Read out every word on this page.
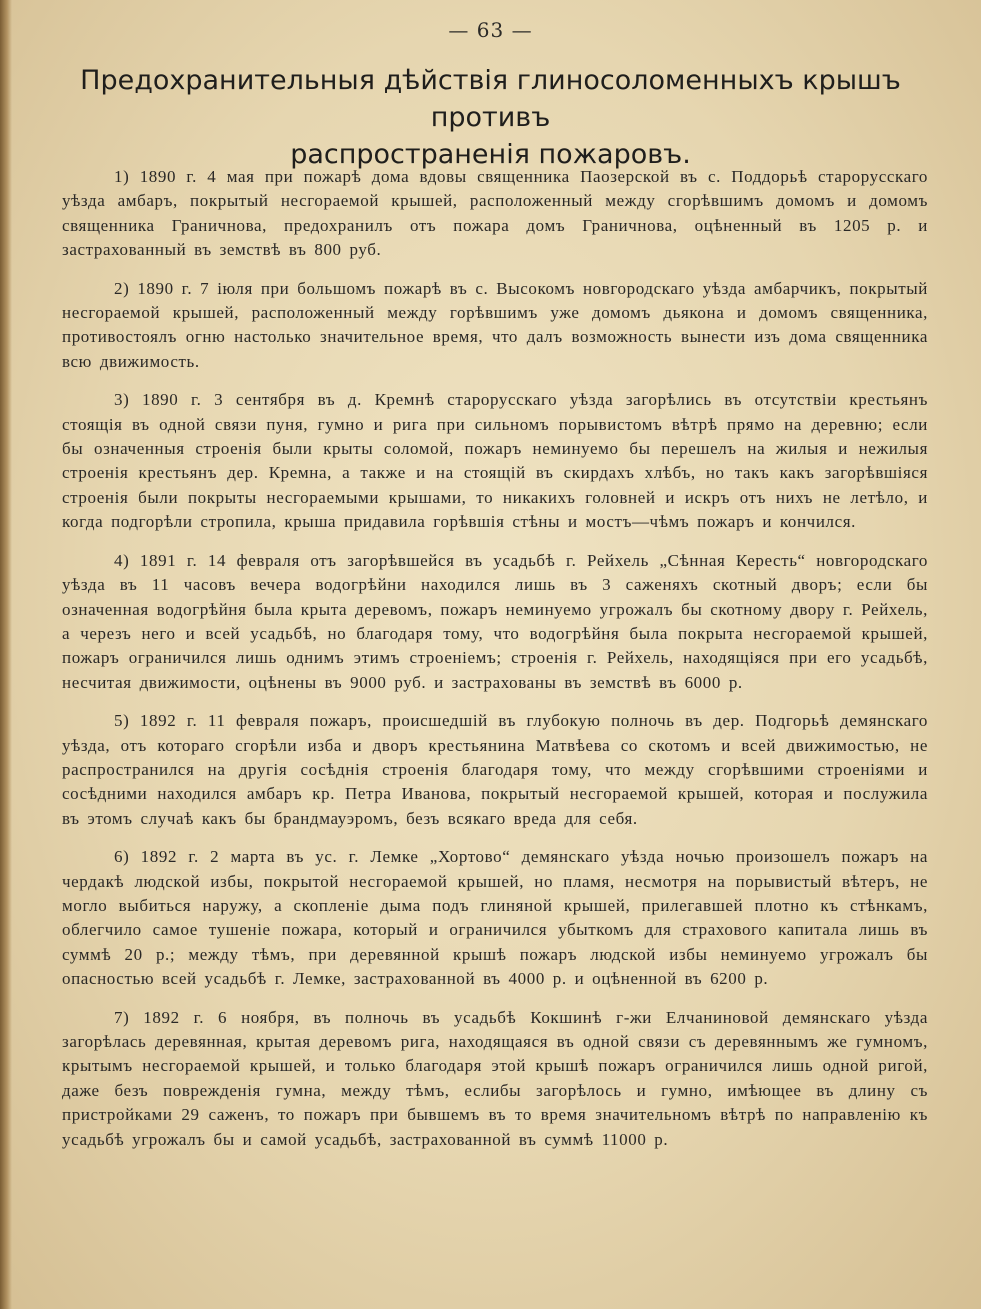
— 63 —
Предохранительныя дѣйствія глиносоломенныхъ крышъ противъ
распространенія пожаровъ.

1) 1890 г. 4 мая при пожарѣ дома вдовы священника Паозерской въ с. Поддорьѣ старорусскаго уѣзда амбаръ, покрытый несгораемой крышей, расположенный между сгорѣвшимъ домомъ и домомъ священника Граничнова, предохранилъ отъ пожара домъ Граничнова, оцѣненный въ 1205 р. и застрахованный въ земствѣ въ 800 руб.

2) 1890 г. 7 іюля при большомъ пожарѣ въ с. Высокомъ новгородскаго уѣзда амбарчикъ, покрытый несгораемой крышей, расположенный между горѣвшимъ уже домомъ дьякона и домомъ священника, противостоялъ огню настолько значительное время, что далъ возможность вынести изъ дома священника всю движимость.

3) 1890 г. 3 сентября въ д. Кремнѣ старорусскаго уѣзда загорѣлись въ отсутствіи крестьянъ стоящія въ одной связи пуня, гумно и рига при сильномъ порывистомъ вѣтрѣ прямо на деревню; если бы означенныя строенія были крыты соломой, пожаръ неминуемо бы перешелъ на жилыя и нежилыя строенія крестьянъ дер. Кремна, а также и на стоящій въ скирдахъ хлѣбъ, но такъ какъ загорѣвшіяся строенія были покрыты несгораемыми крышами, то никакихъ головней и искръ отъ нихъ не летѣло, и когда подгорѣли стропила, крыша придавила горѣвшія стѣны и мостъ—чѣмъ пожаръ и кончился.

4) 1891 г. 14 февраля отъ загорѣвшейся въ усадьбѣ г. Рейхель „Сѣнная Кересть“ новгородскаго уѣзда въ 11 часовъ вечера водогрѣйни находился лишь въ 3 саженяхъ скотный дворъ; если бы означенная водогрѣйня была крыта деревомъ, пожаръ неминуемо угрожалъ бы скотному двору г. Рейхель, а черезъ него и всей усадьбѣ, но благодаря тому, что водогрѣйня была покрыта несгораемой крышей, пожаръ ограничился лишь однимъ этимъ строеніемъ; строенія г. Рейхель, находящіяся при его усадьбѣ, несчитая движимости, оцѣнены въ 9000 руб. и застрахованы въ земствѣ въ 6000 р.

5) 1892 г. 11 февраля пожаръ, происшедшій въ глубокую полночь въ дер. Подгорьѣ демянскаго уѣзда, отъ котораго сгорѣли изба и дворъ крестьянина Матвѣева со скотомъ и всей движимостью, не распространился на другія сосѣднія строенія благодаря тому, что между сгорѣвшими строеніями и сосѣдними находился амбаръ кр. Петра Иванова, покрытый несгораемой крышей, которая и послужила въ этомъ случаѣ какъ бы брандмауэромъ, безъ всякаго вреда для себя.

6) 1892 г. 2 марта въ ус. г. Лемке „Хортово“ демянскаго уѣзда ночью произошелъ пожаръ на чердакѣ людской избы, покрытой несгораемой крышей, но пламя, несмотря на порывистый вѣтеръ, не могло выбиться наружу, а скопленіе дыма подъ глиняной крышей, прилегавшей плотно къ стѣнкамъ, облегчило самое тушеніе пожара, который и ограничился убыткомъ для страхового капитала лишь въ суммѣ 20 р.; между тѣмъ, при деревянной крышѣ пожаръ людской избы неминуемо угрожалъ бы опасностью всей усадьбѣ г. Лемке, застрахованной въ 4000 р. и оцѣненной въ 6200 р.

7) 1892 г. 6 ноября, въ полночь въ усадьбѣ Кокшинѣ г-жи Елчаниновой демянскаго уѣзда загорѣлась деревянная, крытая деревомъ рига, находящаяся въ одной связи съ деревяннымъ же гумномъ, крытымъ несгораемой крышей, и только благодаря этой крышѣ пожаръ ограничился лишь одной ригой, даже безъ поврежденія гумна, между тѣмъ, еслибы загорѣлось и гумно, имѣющее въ длину съ пристройками 29 саженъ, то пожаръ при бывшемъ въ то время значительномъ вѣтрѣ по направленію къ усадьбѣ угрожалъ бы и самой усадьбѣ, застрахованной въ суммѣ 11000 р.
